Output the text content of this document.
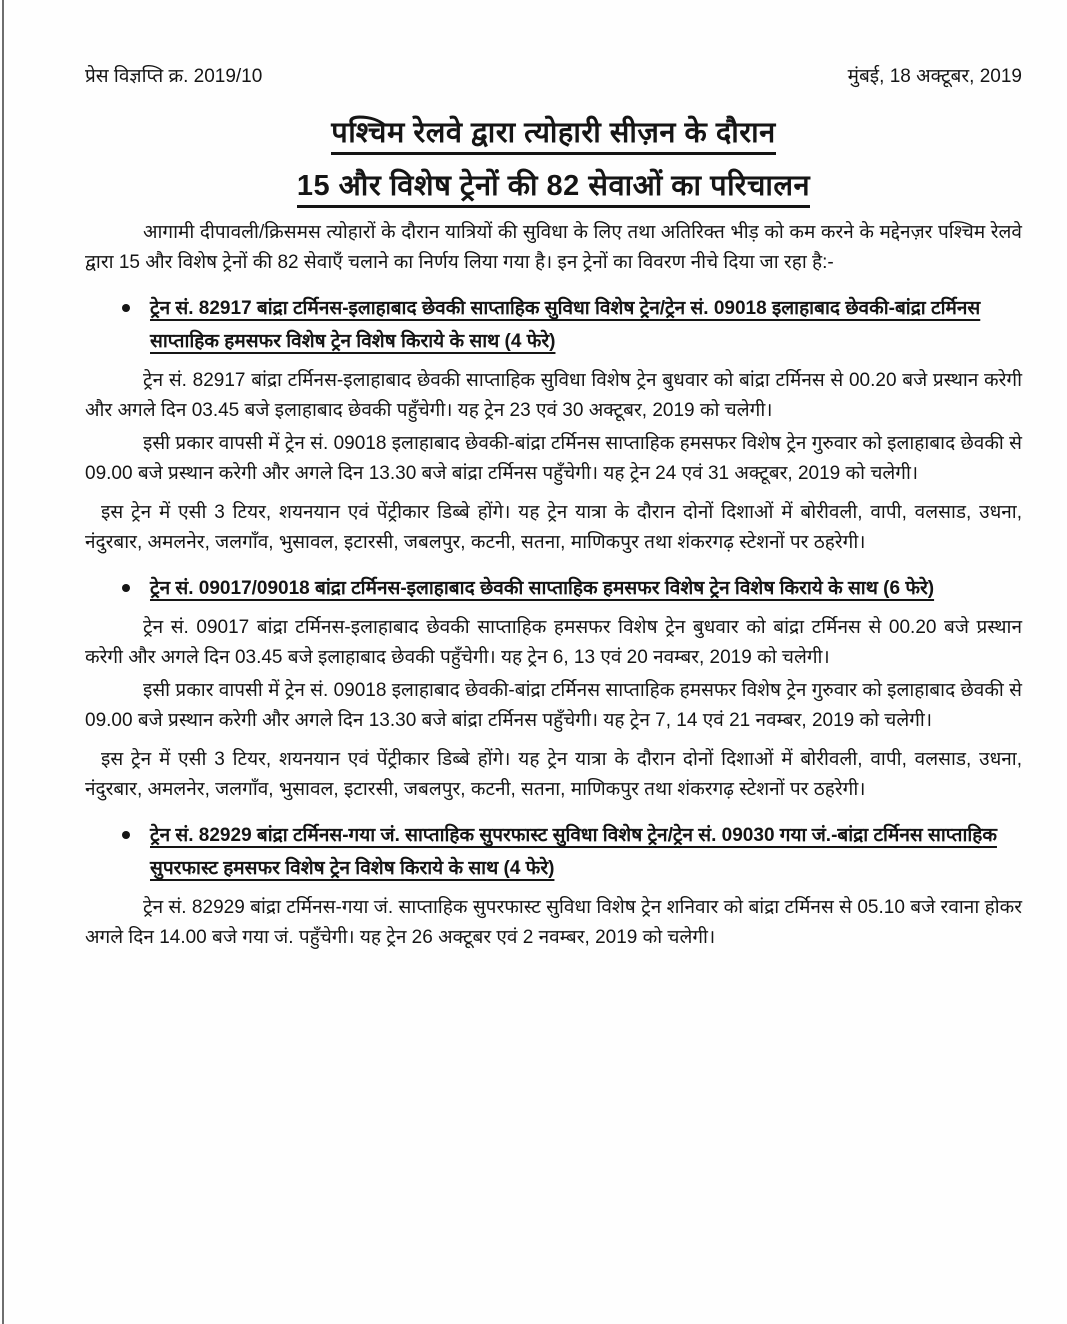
प्रेस विज्ञप्ति क्र. 2019/10	मुंबई, 18 अक्टूबर, 2019
पश्चिम रेलवे द्वारा त्योहारी सीज़न के दौरान
15 और विशेष ट्रेनों की 82 सेवाओं का परिचालन

आगामी दीपावली/क्रिसमस त्योहारों के दौरान यात्रियों की सुविधा के लिए तथा अतिरिक्त भीड़ को कम करने के मद्देनज़र पश्चिम रेलवे द्वारा 15 और विशेष ट्रेनों की 82 सेवाएँ चलाने का निर्णय लिया गया है। इन ट्रेनों का विवरण नीचे दिया जा रहा है:-

ट्रेन सं. 82917 बांद्रा टर्मिनस-इलाहाबाद छेवकी साप्ताहिक सुविधा विशेष ट्रेन/ट्रेन सं. 09018 इलाहाबाद छेवकी-बांद्रा टर्मिनस साप्ताहिक हमसफर विशेष ट्रेन विशेष किराये के साथ (4 फेरे)

ट्रेन सं. 82917 बांद्रा टर्मिनस-इलाहाबाद छेवकी साप्ताहिक सुविधा विशेष ट्रेन बुधवार को बांद्रा टर्मिनस से 00.20 बजे प्रस्थान करेगी और अगले दिन 03.45 बजे इलाहाबाद छेवकी पहुँचेगी। यह ट्रेन 23 एवं 30 अक्टूबर, 2019 को चलेगी।

इसी प्रकार वापसी में ट्रेन सं. 09018 इलाहाबाद छेवकी-बांद्रा टर्मिनस साप्ताहिक हमसफर विशेष ट्रेन गुरुवार को इलाहाबाद छेवकी से 09.00 बजे प्रस्थान करेगी और अगले दिन 13.30 बजे बांद्रा टर्मिनस पहुँचेगी। यह ट्रेन 24 एवं 31 अक्टूबर, 2019 को चलेगी।

इस ट्रेन में एसी 3 टियर, शयनयान एवं पेंट्रीकार डिब्बे होंगे। यह ट्रेन यात्रा के दौरान दोनों दिशाओं में बोरीवली, वापी, वलसाड, उधना, नंदुरबार, अमलनेर, जलगाँव, भुसावल, इटारसी, जबलपुर, कटनी, सतना, माणिकपुर तथा शंकरगढ़ स्टेशनों पर ठहरेगी।

ट्रेन सं. 09017/09018 बांद्रा टर्मिनस-इलाहाबाद छेवकी साप्ताहिक हमसफर विशेष ट्रेन विशेष किराये के साथ (6 फेरे)

ट्रेन सं. 09017 बांद्रा टर्मिनस-इलाहाबाद छेवकी साप्ताहिक हमसफर विशेष ट्रेन बुधवार को बांद्रा टर्मिनस से 00.20 बजे प्रस्थान करेगी और अगले दिन 03.45 बजे इलाहाबाद छेवकी पहुँचेगी। यह ट्रेन 6, 13 एवं 20 नवम्बर, 2019 को चलेगी।

इसी प्रकार वापसी में ट्रेन सं. 09018 इलाहाबाद छेवकी-बांद्रा टर्मिनस साप्ताहिक हमसफर विशेष ट्रेन गुरुवार को इलाहाबाद छेवकी से 09.00 बजे प्रस्थान करेगी और अगले दिन 13.30 बजे बांद्रा टर्मिनस पहुँचेगी। यह ट्रेन 7, 14 एवं 21 नवम्बर, 2019 को चलेगी।

इस ट्रेन में एसी 3 टियर, शयनयान एवं पेंट्रीकार डिब्बे होंगे। यह ट्रेन यात्रा के दौरान दोनों दिशाओं में बोरीवली, वापी, वलसाड, उधना, नंदुरबार, अमलनेर, जलगाँव, भुसावल, इटारसी, जबलपुर, कटनी, सतना, माणिकपुर तथा शंकरगढ़ स्टेशनों पर ठहरेगी।

ट्रेन सं. 82929 बांद्रा टर्मिनस-गया जं. साप्ताहिक सुपरफास्ट सुविधा विशेष ट्रेन/ट्रेन सं. 09030 गया जं.-बांद्रा टर्मिनस साप्ताहिक सुपरफास्ट हमसफर विशेष ट्रेन विशेष किराये के साथ (4 फेरे)

ट्रेन सं. 82929 बांद्रा टर्मिनस-गया जं. साप्ताहिक सुपरफास्ट सुविधा विशेष ट्रेन शनिवार को बांद्रा टर्मिनस से 05.10 बजे रवाना होकर अगले दिन 14.00 बजे गया जं. पहुँचेगी। यह ट्रेन 26 अक्टूबर एवं 2 नवम्बर, 2019 को चलेगी।
